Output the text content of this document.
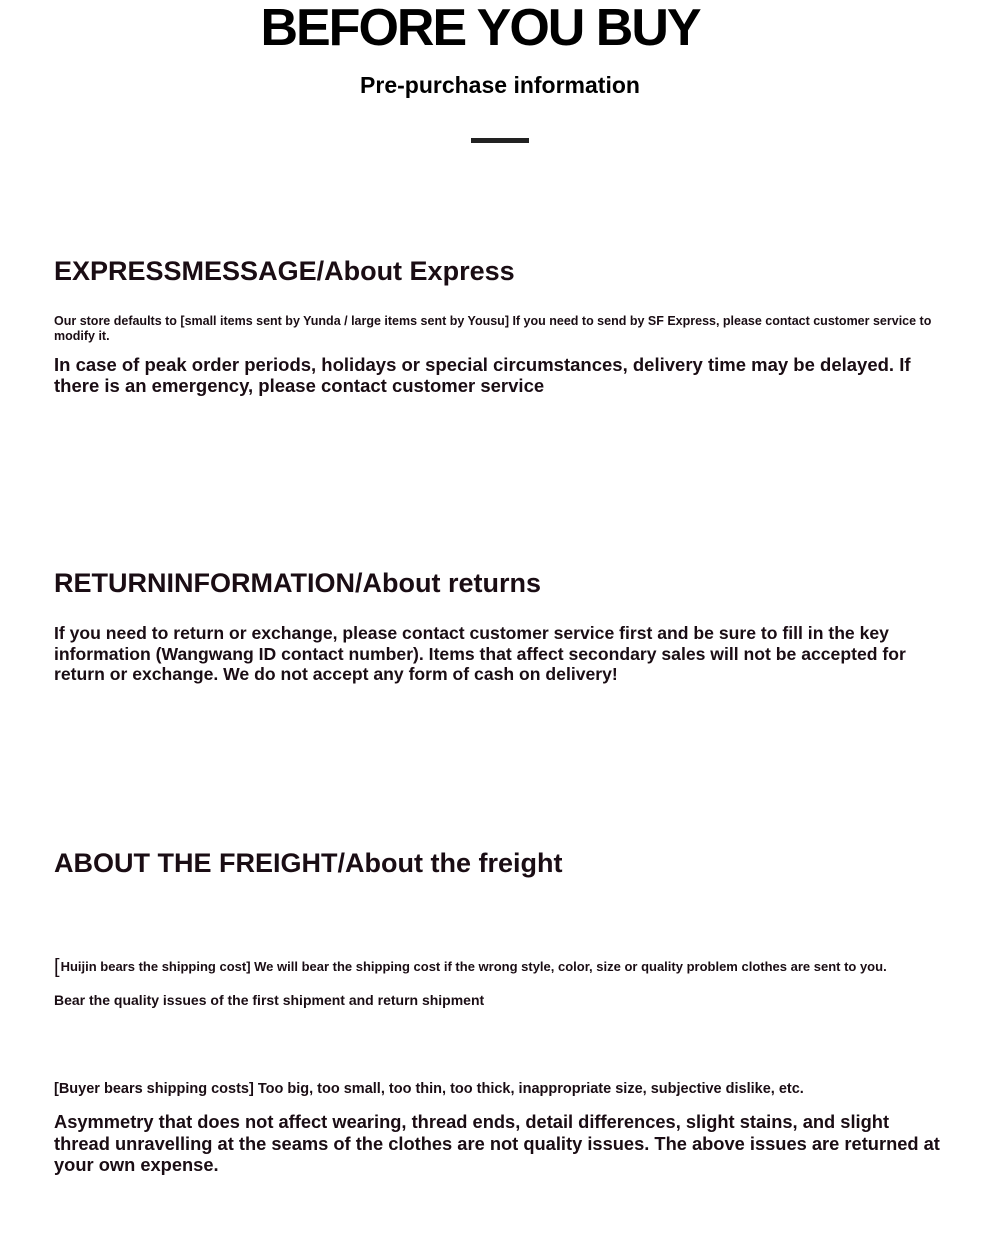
BEFORE YOU BUY
Pre-purchase information
EXPRESSMESSAGE/About Express
Our store defaults to [small items sent by Yunda / large items sent by Yousu] If you need to send by SF Express, please contact customer service to modify it.
In case of peak order periods, holidays or special circumstances, delivery time may be delayed. If there is an emergency, please contact customer service
RETURNINFORMATION/About returns
If you need to return or exchange, please contact customer service first and be sure to fill in the key information (Wangwang ID contact number). Items that affect secondary sales will not be accepted for return or exchange. We do not accept any form of cash on delivery!
ABOUT THE FREIGHT/About the freight
[Huijin bears the shipping cost] We will bear the shipping cost if the wrong style, color, size or quality problem clothes are sent to you.
Bear the quality issues of the first shipment and return shipment
[Buyer bears shipping costs] Too big, too small, too thin, too thick, inappropriate size, subjective dislike, etc.
Asymmetry that does not affect wearing, thread ends, detail differences, slight stains, and slight thread unravelling at the seams of the clothes are not quality issues. The above issues are returned at your own expense.
